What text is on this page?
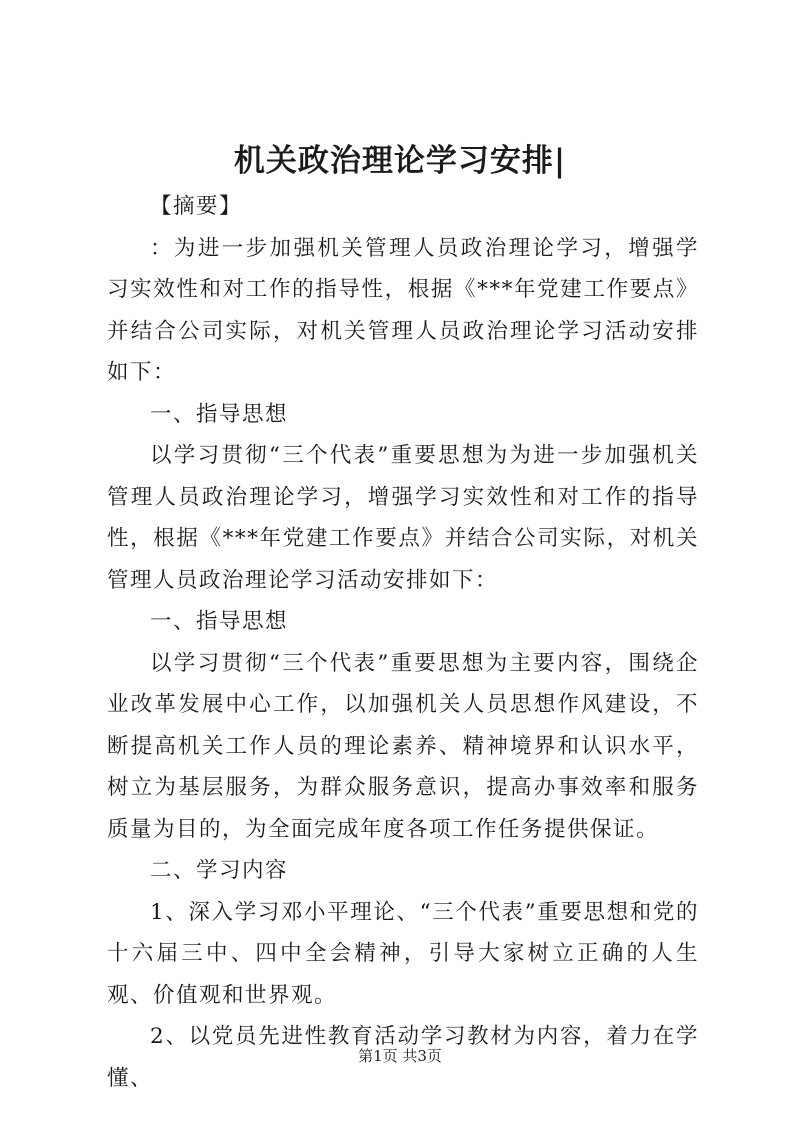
机关政治理论学习安排|

【摘要】

：为进一步加强机关管理人员政治理论学习，增强学习实效性和对工作的指导性，根据《***年党建工作要点》并结合公司实际，对机关管理人员政治理论学习活动安排如下：

一、指导思想

以学习贯彻“三个代表”重要思想为为进一步加强机关管理人员政治理论学习，增强学习实效性和对工作的指导性，根据《***年党建工作要点》并结合公司实际，对机关管理人员政治理论学习活动安排如下：

一、指导思想

以学习贯彻“三个代表”重要思想为主要内容，围绕企业改革发展中心工作，以加强机关人员思想作风建设，不断提高机关工作人员的理论素养、精神境界和认识水平，树立为基层服务，为群众服务意识，提高办事效率和服务质量为目的，为全面完成年度各项工作任务提供保证。

二、学习内容

1、深入学习邓小平理论、“三个代表”重要思想和党的十六届三中、四中全会精神，引导大家树立正确的人生观、价值观和世界观。

2、以党员先进性教育活动学习教材为内容，着力在学懂、

第1页 共3页
